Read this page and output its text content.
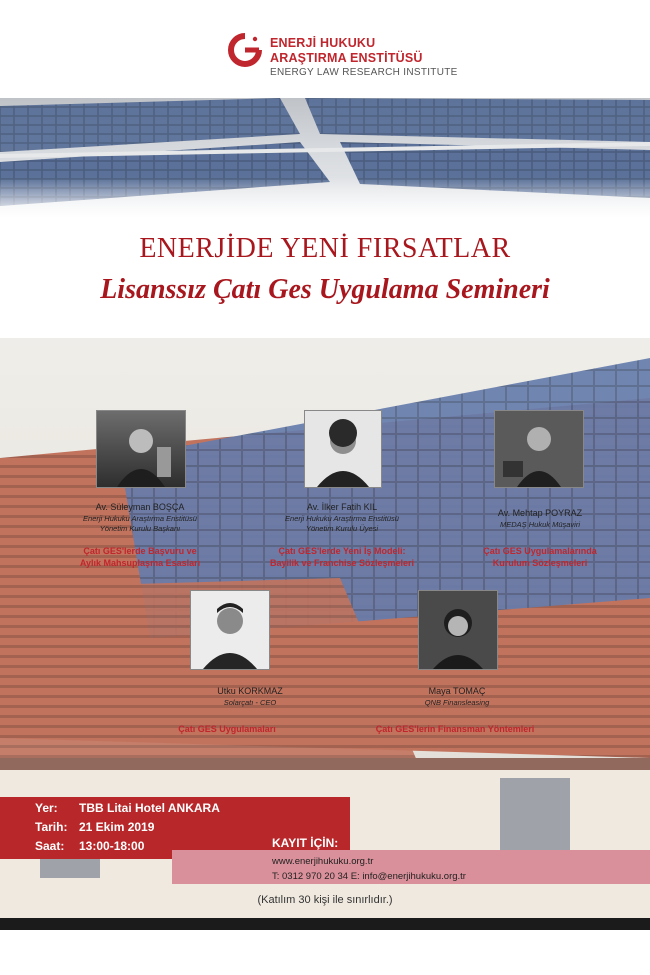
ENERJİ HUKUKU
ARAŞTIRMA ENSTİTÜSÜ
ENERGY LAW RESEARCH INSTITUTE
ENERJİDE YENİ FIRSATLAR
Lisanssız Çatı Ges Uygulama Semineri
Av. Süleyman BOŞÇA
Enerji Hukuku Araştırma Enstitüsü
Yönetim Kurulu Başkanı
Çatı GES'lerde Başvuru ve
Aylık Mahsuplaşma Esasları
Av. İlker Fatih KIL
Enerji Hukuku Araştırma Enstitüsü
Yönetim Kurulu Üyesi
Çatı GES'lerde Yeni İş Modeli:
Bayilik ve Franchise Sözleşmeleri
Av. Mehtap POYRAZ
MEDAŞ Hukuk Müşaviri
Çatı GES Uygulamalarında
Kurulum Sözleşmeleri
Utku KORKMAZ
Solarçatı - CEO
Çatı GES Uygulamaları
Maya TOMAÇ
QNB Finansleasing
Çatı GES'lerin Finansman Yöntemleri
Yer: TBB Litai Hotel ANKARA
Tarih: 21 Ekim 2019
Saat: 13:00-18:00	KAYIT İÇİN:
www.enerjihukuku.org.tr
T: 0312 970 20 34 E: info@enerjihukuku.org.tr
(Katılım 30 kişi ile sınırlıdır.)
